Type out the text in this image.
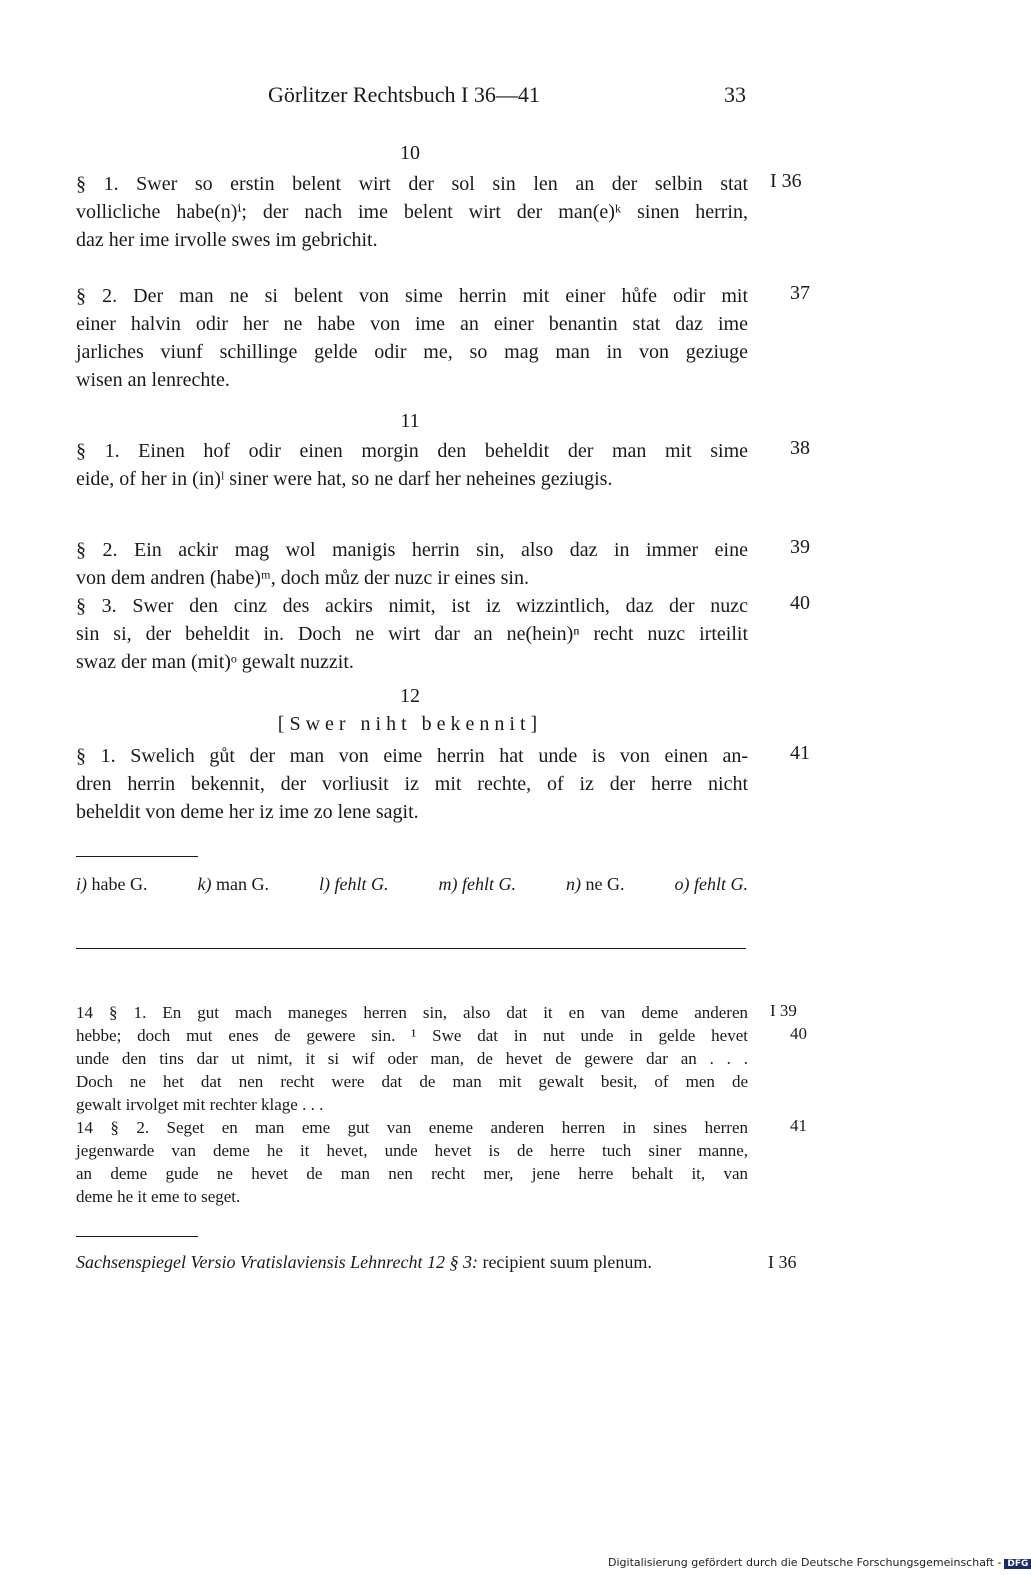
Görlitzer Rechtsbuch I 36—41	33
10
§ 1. Swer so erstin belent wirt der sol sin len an der selbin stat
vollicliche habe(n)ⁱ; der nach ime belent wirt der man(e)ᵏ sinen herrin,
daz her ime irvolle swes im gebrichit.
I 36
§ 2. Der man ne si belent von sime herrin mit einer hůfe odir mit
einer halvin odir her ne habe von ime an einer benantin stat daz ime
jarliches viunf schillinge gelde odir me, so mag man in von geziuge
wisen an lenrechte.
37
11
§ 1. Einen hof odir einen morgin den beheldit der man mit sime
eide, of her in (in)ˡ siner were hat, so ne darf her neheines geziugis.
38
§ 2. Ein ackir mag wol manigis herrin sin, also daz in immer eine
von dem andren (habe)ᵐ, doch můz der nuzc ir eines sin.
39
§ 3. Swer den cinz des ackirs nimit, ist iz wizzintlich, daz der nuzc
sin si, der beheldit in. Doch ne wirt dar an ne(hein)ⁿ recht nuzc irteilit
swaz der man (mit)ᵒ gewalt nuzzit.
40
12
[Swer niht bekennit]
§ 1. Swelich gůt der man von eime herrin hat unde is von einen an-
dren herrin bekennit, der vorliusit iz mit rechte, of iz der herre nicht
beheldit von deme her iz ime zo lene sagit.
41
i) habe G.	k) man G.	l) fehlt G.	m) fehlt G.	n) ne G.	o) fehlt G.
14 § 1. En gut mach maneges herren sin, also dat it en van deme anderen
hebbe; doch mut enes de gewere sin. ¹ Swe dat in nut unde in gelde hevet
unde den tins dar ut nimt, it si wif oder man, de hevet de gewere dar an . . .
Doch ne het dat nen recht were dat de man mit gewalt besit, of men de
gewalt irvolget mit rechter klage . . .
I 39
40
14 § 2. Seget en man eme gut van eneme anderen herren in sines herren
jegenwarde van deme he it hevet, unde hevet is de herre tuch siner manne,
an deme gude ne hevet de man nen recht mer, jene herre behalt it, van
deme he it eme to seget.
41
Sachsenspiegel Versio Vratislaviensis Lehnrecht 12 § 3: recipient suum plenum.	I 36
Digitalisierung gefördert durch die Deutsche Forschungsgemeinschaft - DFG
